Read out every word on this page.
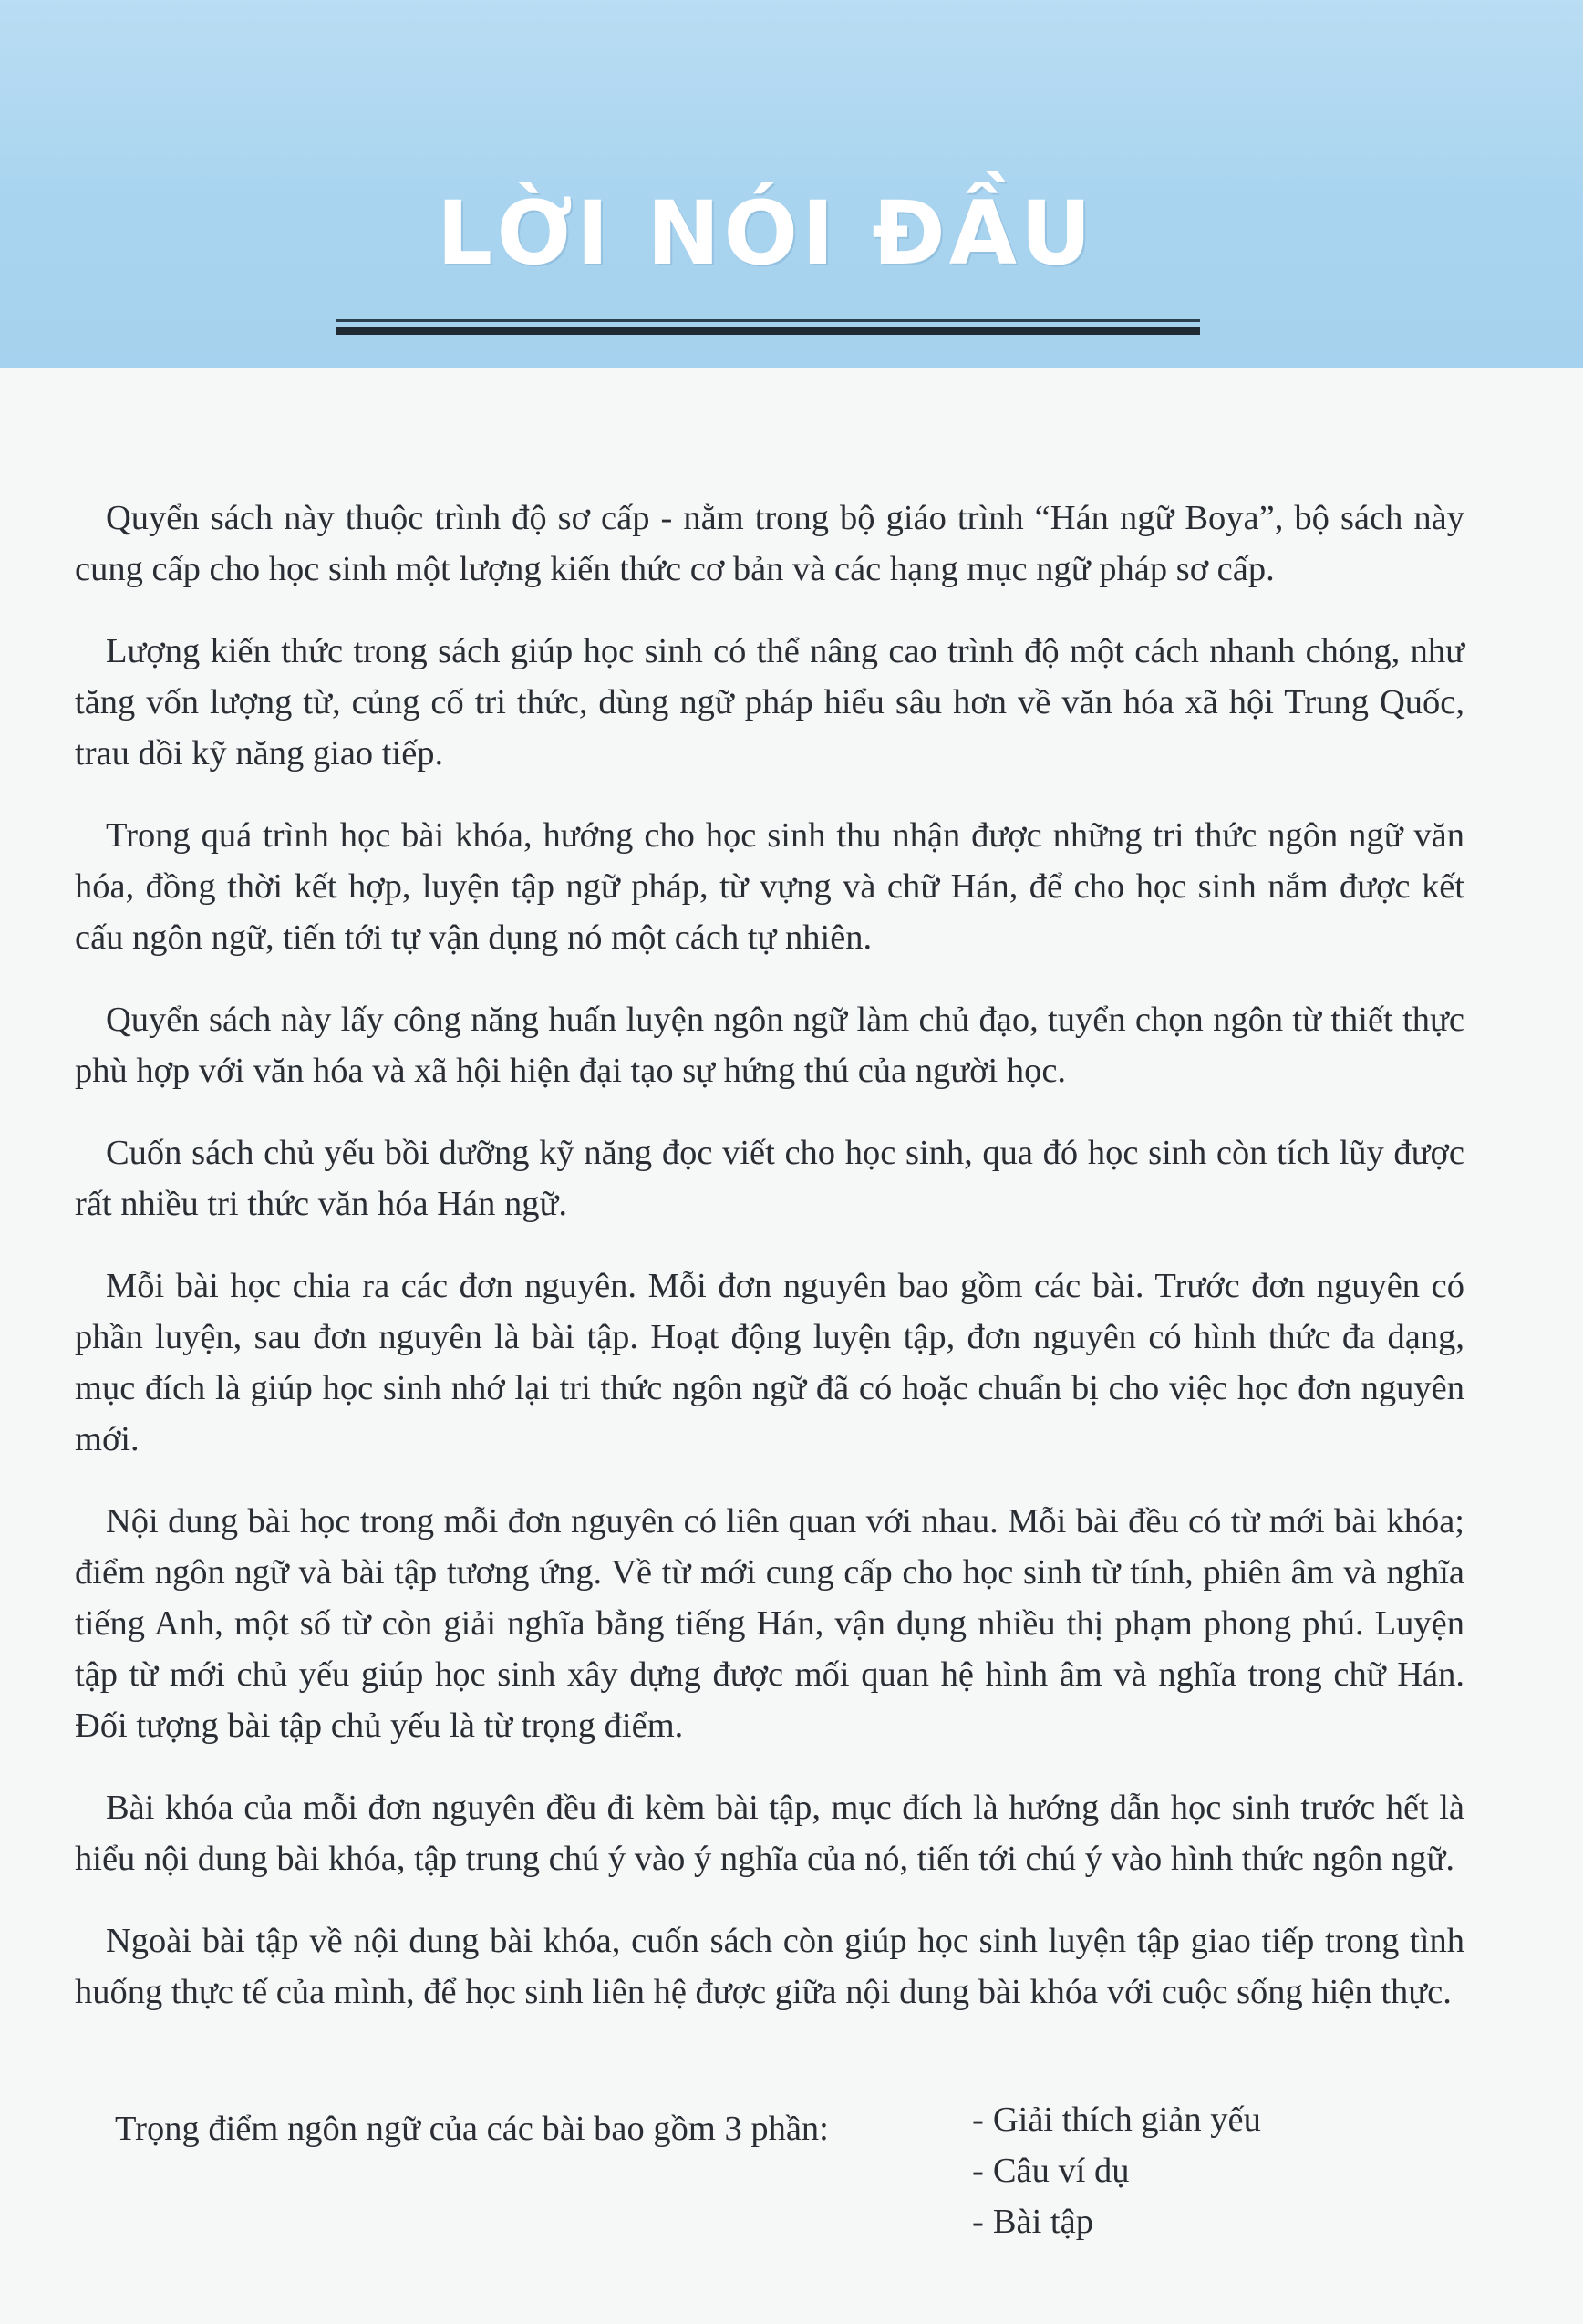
LỜI NÓI ĐẦU

Quyển sách này thuộc trình độ sơ cấp - nằm trong bộ giáo trình “Hán ngữ Boya”, bộ sách này cung cấp cho học sinh một lượng kiến thức cơ bản và các hạng mục ngữ pháp sơ cấp.

Lượng kiến thức trong sách giúp học sinh có thể nâng cao trình độ một cách nhanh chóng, như tăng vốn lượng từ, củng cố tri thức, dùng ngữ pháp hiểu sâu hơn về văn hóa xã hội Trung Quốc, trau dồi kỹ năng giao tiếp.

Trong quá trình học bài khóa, hướng cho học sinh thu nhận được những tri thức ngôn ngữ văn hóa, đồng thời kết hợp, luyện tập ngữ pháp, từ vựng và chữ Hán, để cho học sinh nắm được kết cấu ngôn ngữ, tiến tới tự vận dụng nó một cách tự nhiên.

Quyển sách này lấy công năng huấn luyện ngôn ngữ làm chủ đạo, tuyển chọn ngôn từ thiết thực phù hợp với văn hóa và xã hội hiện đại tạo sự hứng thú của người học.

Cuốn sách chủ yếu bồi dưỡng kỹ năng đọc viết cho học sinh, qua đó học sinh còn tích lũy được rất nhiều tri thức văn hóa Hán ngữ.

Mỗi bài học chia ra các đơn nguyên. Mỗi đơn nguyên bao gồm các bài. Trước đơn nguyên có phần luyện, sau đơn nguyên là bài tập. Hoạt động luyện tập, đơn nguyên có hình thức đa dạng, mục đích là giúp học sinh nhớ lại tri thức ngôn ngữ đã có hoặc chuẩn bị cho việc học đơn nguyên mới.

Nội dung bài học trong mỗi đơn nguyên có liên quan với nhau. Mỗi bài đều có từ mới bài khóa; điểm ngôn ngữ và bài tập tương ứng. Về từ mới cung cấp cho học sinh từ tính, phiên âm và nghĩa tiếng Anh, một số từ còn giải nghĩa bằng tiếng Hán, vận dụng nhiều thị phạm phong phú. Luyện tập từ mới chủ yếu giúp học sinh xây dựng được mối quan hệ hình âm và nghĩa trong chữ Hán. Đối tượng bài tập chủ yếu là từ trọng điểm.

Bài khóa của mỗi đơn nguyên đều đi kèm bài tập, mục đích là hướng dẫn học sinh trước hết là hiểu nội dung bài khóa, tập trung chú ý vào ý nghĩa của nó, tiến tới chú ý vào hình thức ngôn ngữ.

Ngoài bài tập về nội dung bài khóa, cuốn sách còn giúp học sinh luyện tập giao tiếp trong tình huống thực tế của mình, để học sinh liên hệ được giữa nội dung bài khóa với cuộc sống hiện thực.

Trọng điểm ngôn ngữ của các bài bao gồm 3 phần:	- Giải thích giản yếu
- Câu ví dụ
- Bài tập
